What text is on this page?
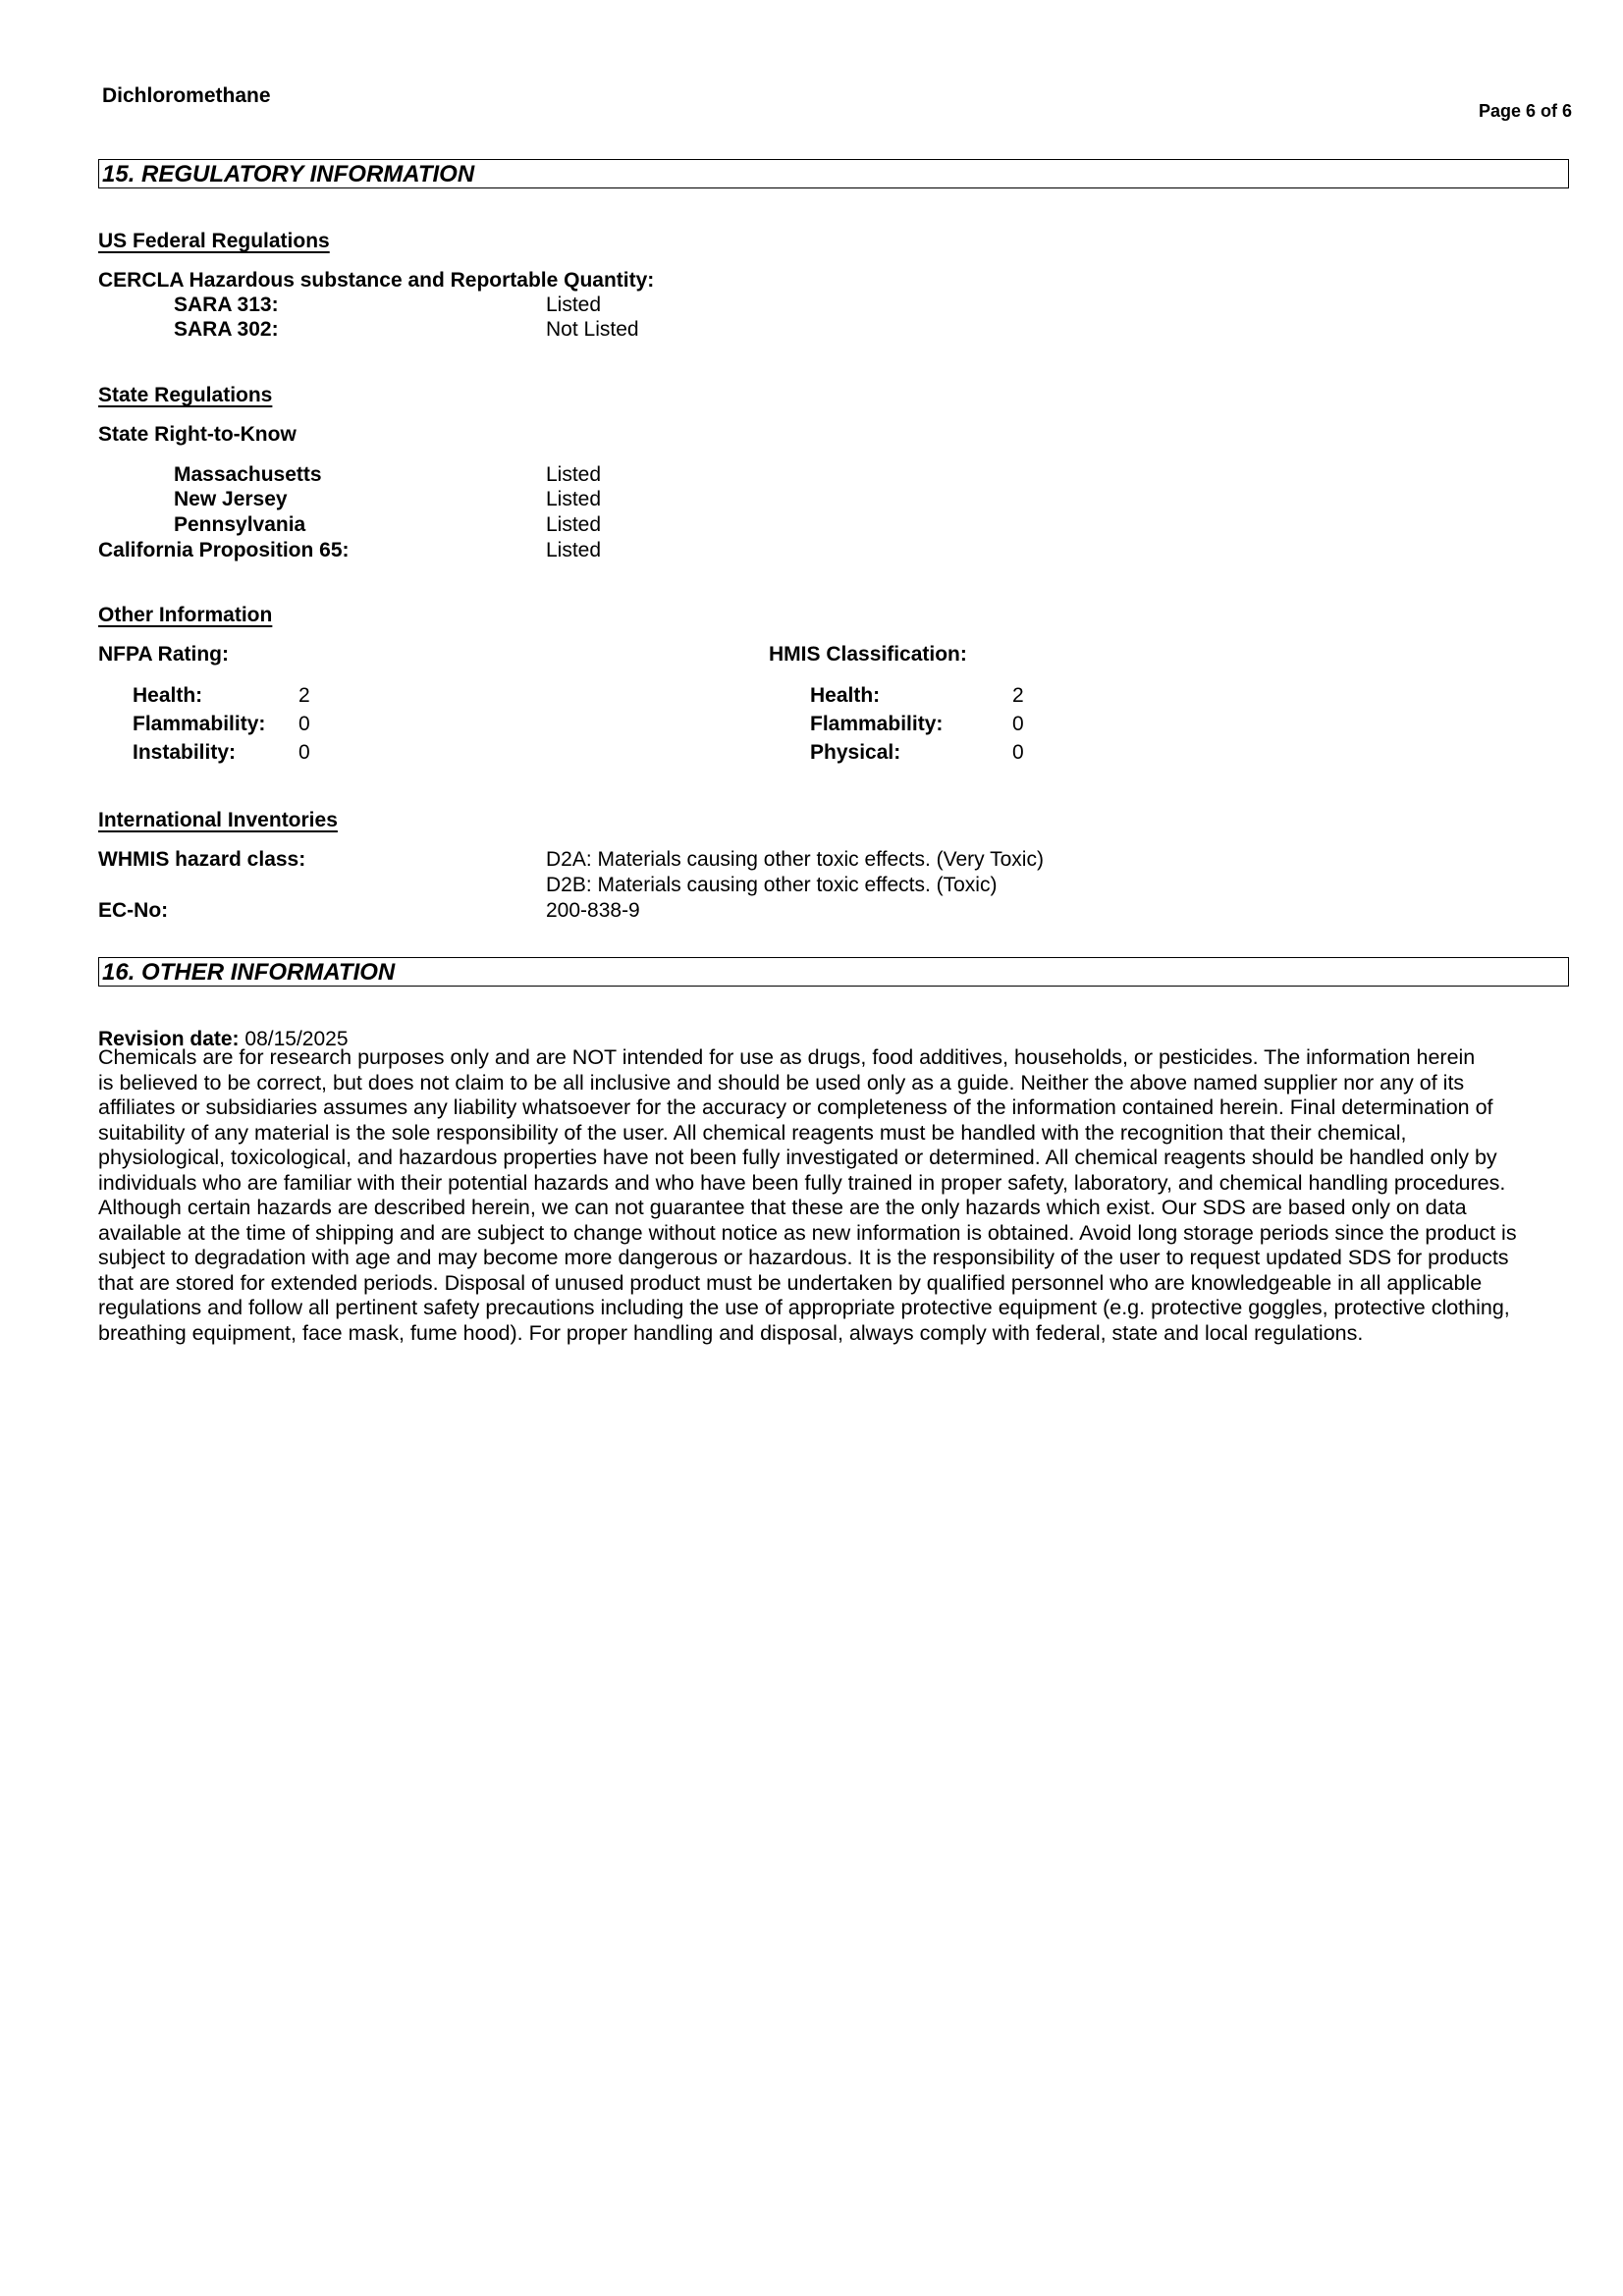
Dichloromethane
Page 6 of 6
15. REGULATORY INFORMATION
US Federal Regulations
CERCLA Hazardous substance and Reportable Quantity:
SARA 313:	Listed
SARA 302:	Not Listed
State Regulations
State Right-to-Know
Massachusetts	Listed
New Jersey	Listed
Pennsylvania	Listed
California Proposition 65:	Listed
Other Information
NFPA Rating:	HMIS Classification:
Health:	2
Flammability: 0
Instability:	0
Health:	2
Flammability:	0
Physical:	0
International Inventories
WHMIS hazard class:	D2A: Materials causing other toxic effects. (Very Toxic)
D2B: Materials causing other toxic effects. (Toxic)
EC-No:	200-838-9
16. OTHER INFORMATION
Revision date: 08/15/2025
Chemicals are for research purposes only and are NOT intended for use as drugs, food additives, households, or pesticides. The information herein
is believed to be correct, but does not claim to be all inclusive and should be used only as a guide. Neither the above named supplier nor any of its
affiliates or subsidiaries assumes any liability whatsoever for the accuracy or completeness of the information contained herein. Final determination of
suitability of any material is the sole responsibility of the user. All chemical reagents must be handled with the recognition that their chemical,
physiological, toxicological, and hazardous properties have not been fully investigated or determined. All chemical reagents should be handled only by
individuals who are familiar with their potential hazards and who have been fully trained in proper safety, laboratory, and chemical handling procedures.
Although certain hazards are described herein, we can not guarantee that these are the only hazards which exist. Our SDS are based only on data
available at the time of shipping and are subject to change without notice as new information is obtained. Avoid long storage periods since the product is
subject to degradation with age and may become more dangerous or hazardous. It is the responsibility of the user to request updated SDS for products
that are stored for extended periods. Disposal of unused product must be undertaken by qualified personnel who are knowledgeable in all applicable
regulations and follow all pertinent safety precautions including the use of appropriate protective equipment (e.g. protective goggles, protective clothing,
breathing equipment, face mask, fume hood). For proper handling and disposal, always comply with federal, state and local regulations.
